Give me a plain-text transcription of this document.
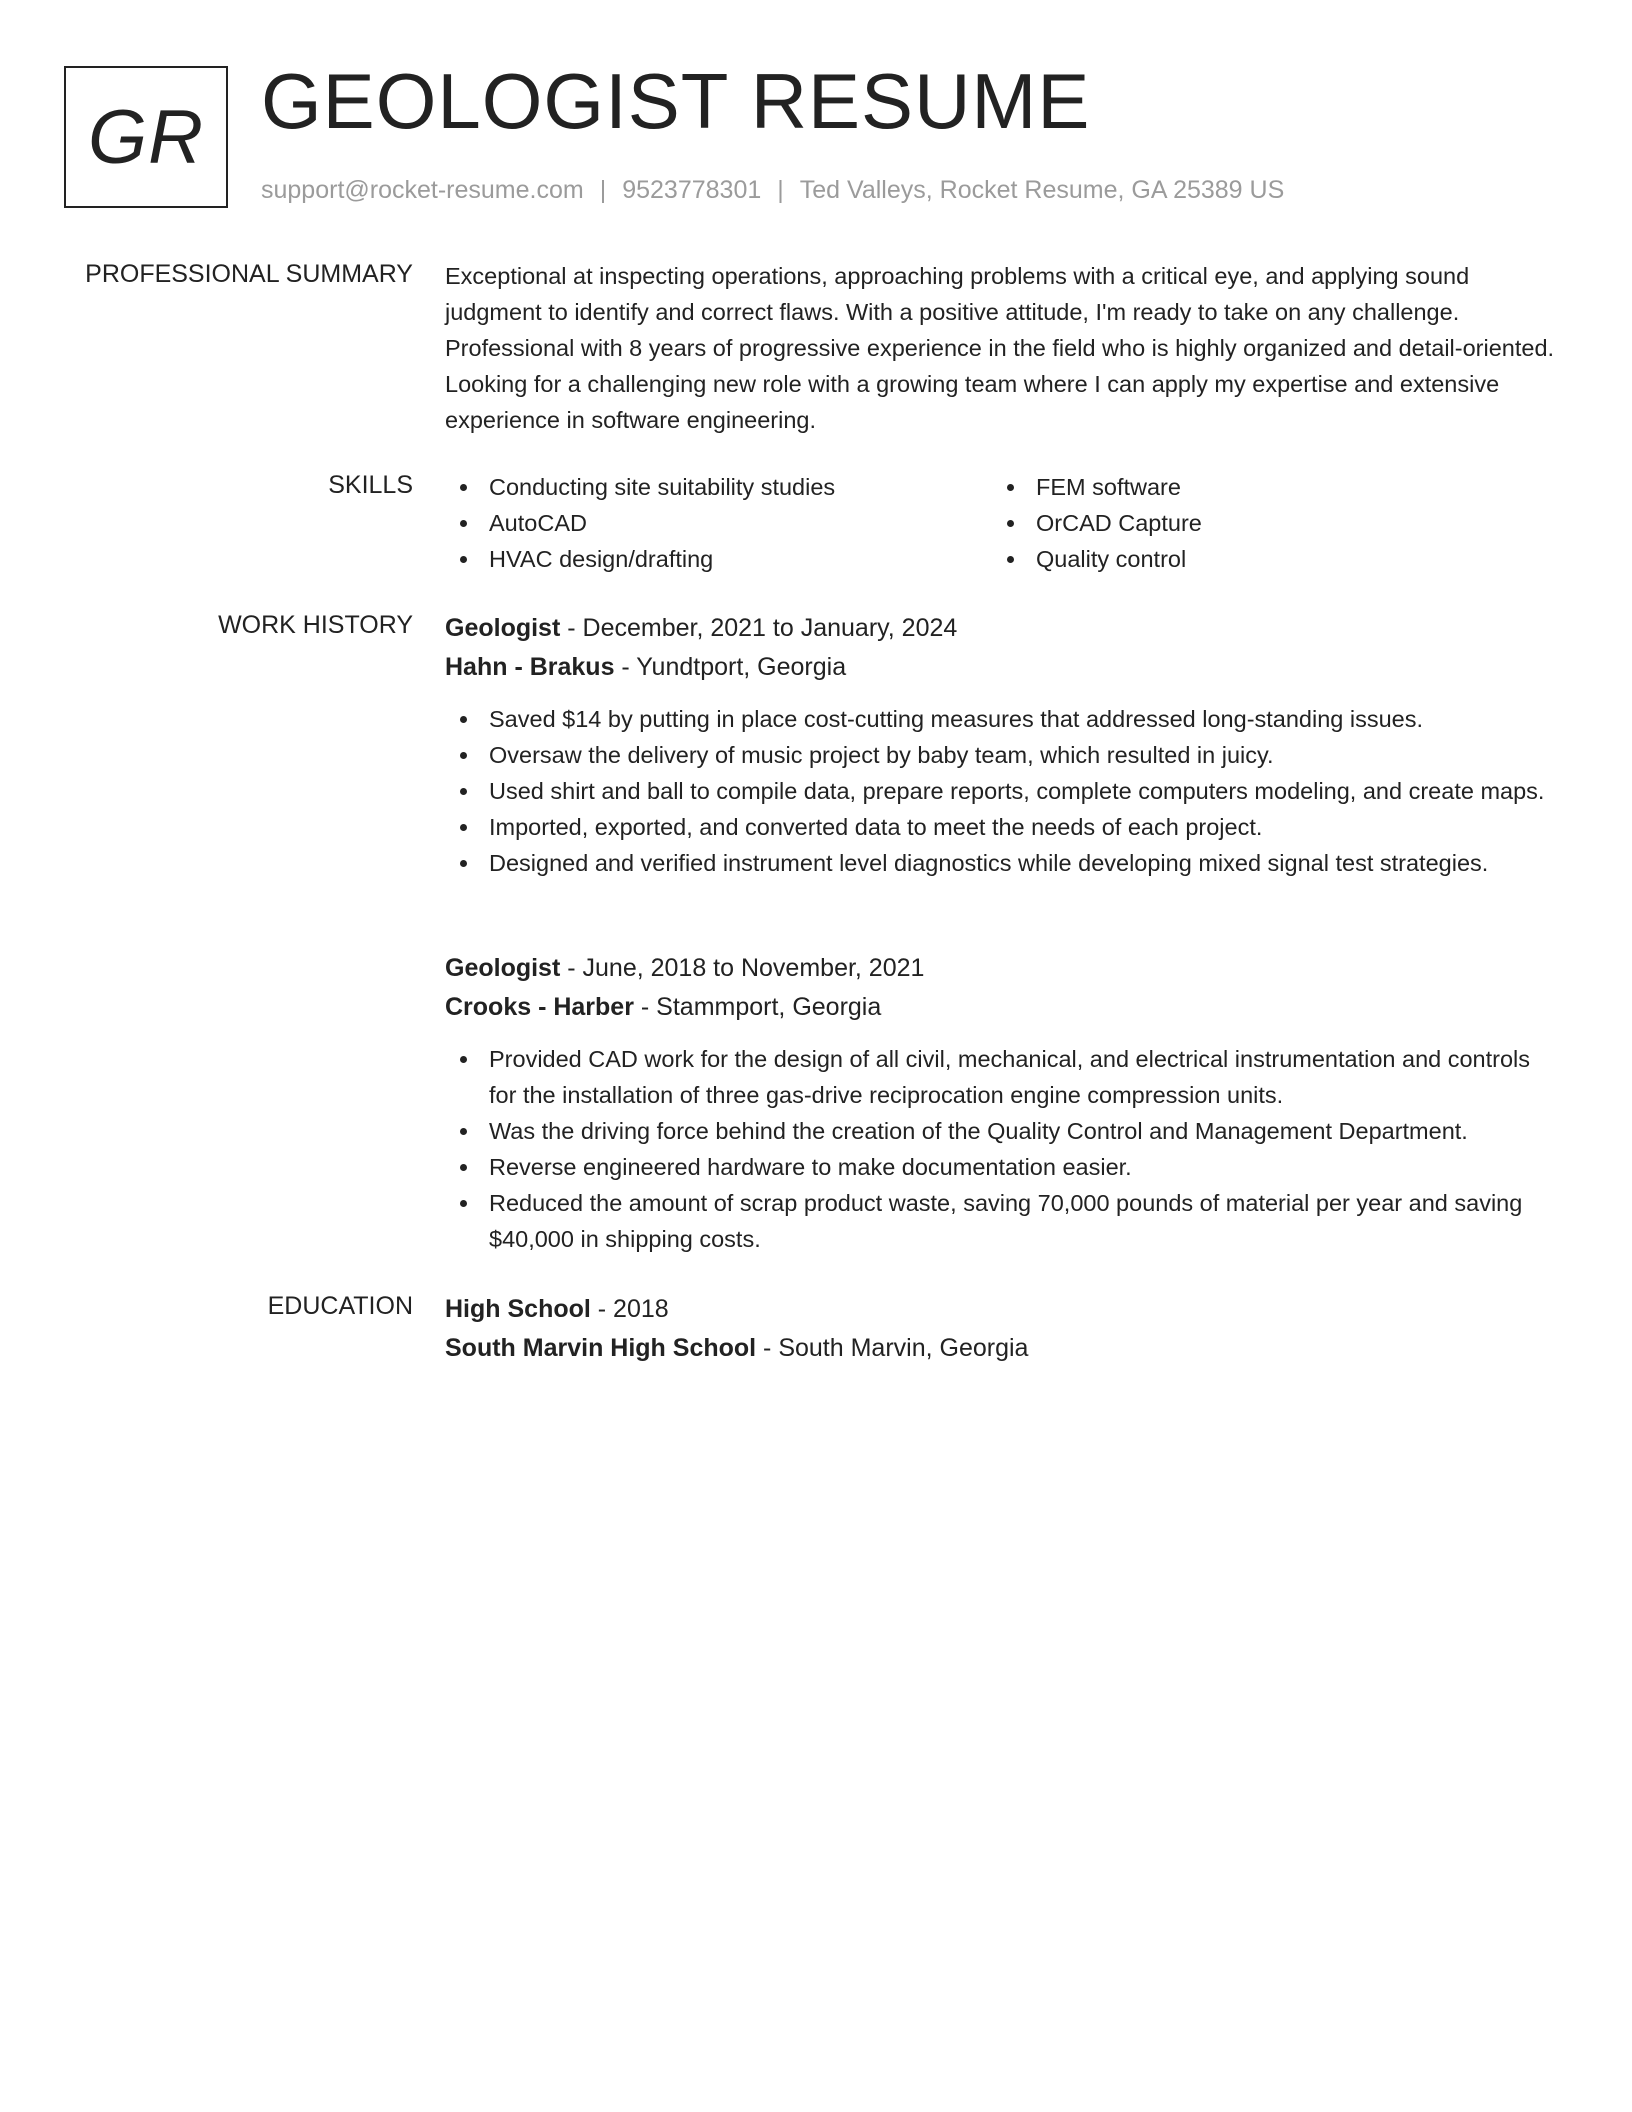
GR GEOLOGIST RESUME
support@rocket-resume.com | 9523778301 | Ted Valleys, Rocket Resume, GA 25389 US
PROFESSIONAL SUMMARY Exceptional at inspecting operations, approaching problems with a critical eye, and applying sound judgment to identify and correct flaws. With a positive attitude, I'm ready to take on any challenge. Professional with 8 years of progressive experience in the field who is highly organized and detail-oriented. Looking for a challenging new role with a growing team where I can apply my expertise and extensive experience in software engineering.

SKILLS	Conducting site suitability studies
AutoCAD
HVAC design/drafting
FEM software
OrCAD Capture
Quality control
WORK HISTORY Geologist - December, 2021 to January, 2024
Hahn - Brakus - Yundtport, Georgia
Saved $14 by putting in place cost-cutting measures that addressed long-standing issues.
Oversaw the delivery of music project by baby team, which resulted in juicy.
Used shirt and ball to compile data, prepare reports, complete computers modeling, and create maps.
Imported, exported, and converted data to meet the needs of each project.
Designed and verified instrument level diagnostics while developing mixed signal test strategies.
Geologist - June, 2018 to November, 2021
Crooks - Harber - Stammport, Georgia
Provided CAD work for the design of all civil, mechanical, and electrical instrumentation and controls for the installation of three gas-drive reciprocation engine compression units.
Was the driving force behind the creation of the Quality Control and Management Department.
Reverse engineered hardware to make documentation easier.
Reduced the amount of scrap product waste, saving 70,000 pounds of material per year and saving $40,000 in shipping costs.
EDUCATION High School - 2018
South Marvin High School - South Marvin, Georgia
